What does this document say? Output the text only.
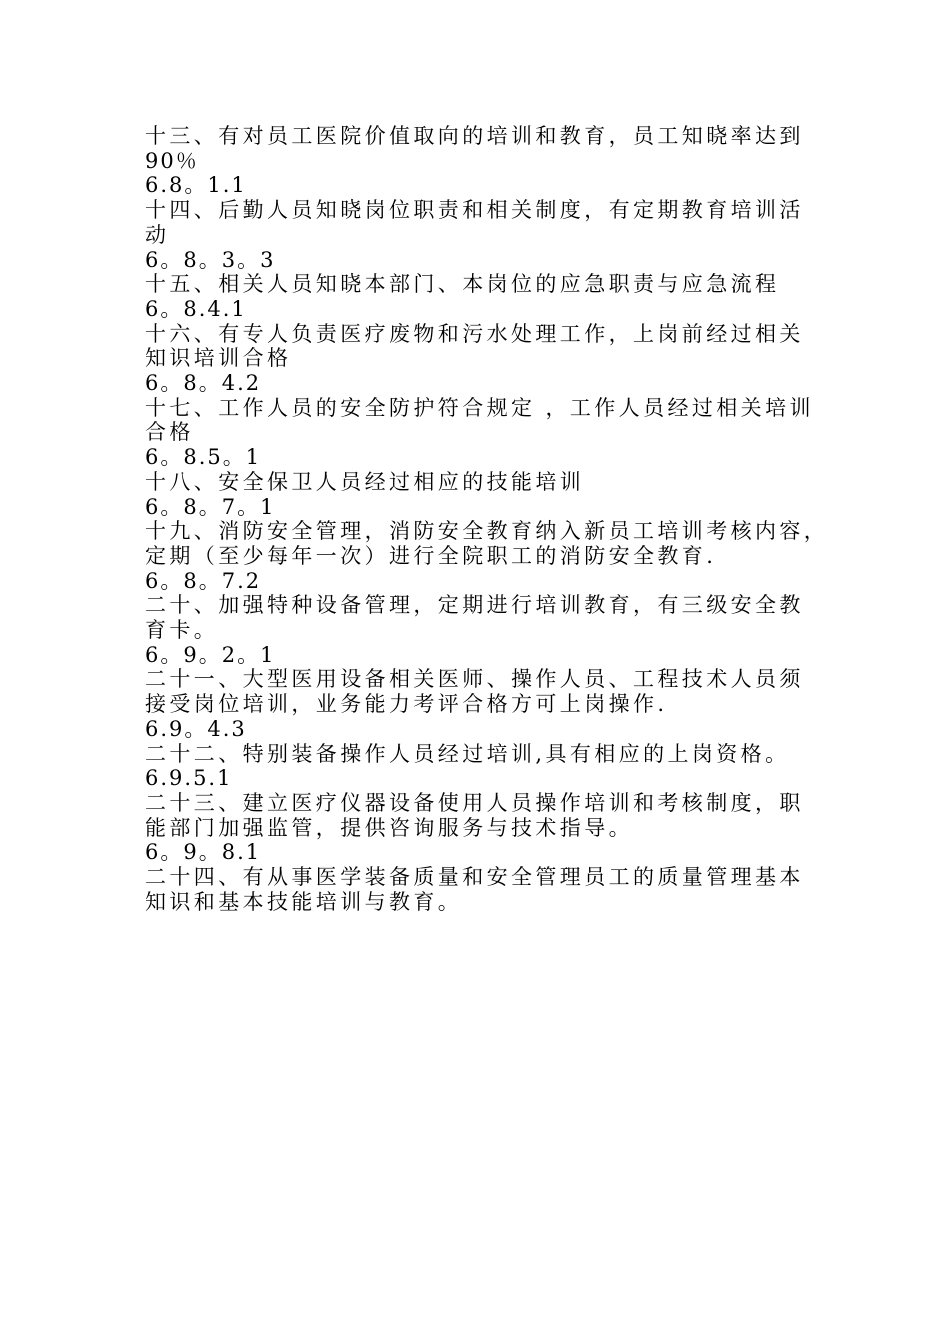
十三、有对员工医院价值取向的培训和教育，员工知晓率达到
90％
6.8。1.1
十四、后勤人员知晓岗位职责和相关制度，有定期教育培训活
动
6。8。3。3
十五、相关人员知晓本部门、本岗位的应急职责与应急流程
6。8.4.1
十六、有专人负责医疗废物和污水处理工作，上岗前经过相关
知识培训合格
6。8。4.2
十七、工作人员的安全防护符合规定 ，工作人员经过相关培训
合格
6。8.5。1
十八、安全保卫人员经过相应的技能培训
6。8。7。1
十九、消防安全管理，消防安全教育纳入新员工培训考核内容，
定期（至少每年一次）进行全院职工的消防安全教育.
6。8。7.2
二十、加强特种设备管理，定期进行培训教育，有三级安全教
育卡。
6。9。2。1
二十一、大型医用设备相关医师、操作人员、工程技术人员须
接受岗位培训，业务能力考评合格方可上岗操作.
6.9。4.3
二十二、特别装备操作人员经过培训,具有相应的上岗资格。
6.9.5.1
二十三、建立医疗仪器设备使用人员操作培训和考核制度，职
能部门加强监管，提供咨询服务与技术指导。
6。9。8.1
二十四、有从事医学装备质量和安全管理员工的质量管理基本
知识和基本技能培训与教育。
